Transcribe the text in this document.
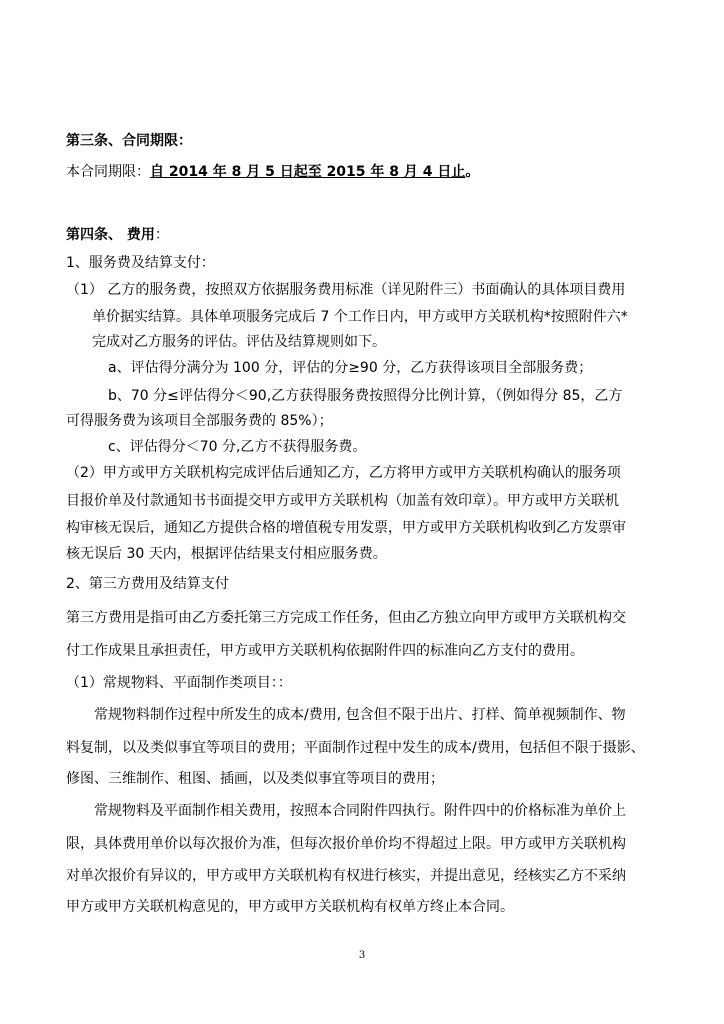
第三条、合同期限：
本合同期限：自 2014 年 8 月 5 日起至 2015 年 8 月 4 日止。
第四条、 费用：
1、服务费及结算支付：
（1） 乙方的服务费，按照双方依据服务费用标准（详见附件三）书面确认的具体项目费用
单价据实结算。具体单项服务完成后 7 个工作日内，甲方或甲方关联机构*按照附件六*
完成对乙方服务的评估。评估及结算规则如下。
a、评估得分满分为 100 分，评估的分≥90 分，乙方获得该项目全部服务费；
b、70 分≤评估得分＜90,乙方获得服务费按照得分比例计算，（例如得分 85，乙方
可得服务费为该项目全部服务费的 85%）；
c、评估得分＜70 分,乙方不获得服务费。
（2）甲方或甲方关联机构完成评估后通知乙方，乙方将甲方或甲方关联机构确认的服务项
目报价单及付款通知书书面提交甲方或甲方关联机构（加盖有效印章）。甲方或甲方关联机
构审核无误后，通知乙方提供合格的增值税专用发票，甲方或甲方关联机构收到乙方发票审
核无误后 30 天内，根据评估结果支付相应服务费。
2、第三方费用及结算支付
第三方费用是指可由乙方委托第三方完成工作任务，但由乙方独立向甲方或甲方关联机构交
付工作成果且承担责任，甲方或甲方关联机构依据附件四的标准向乙方支付的费用。
（1）常规物料、平面制作类项目：：
常规物料制作过程中所发生的成本/费用, 包含但不限于出片、打样、简单视频制作、物
料复制，以及类似事宜等项目的费用；平面制作过程中发生的成本/费用，包括但不限于摄影、
修图、三维制作、租图、插画，以及类似事宜等项目的费用；
常规物料及平面制作相关费用，按照本合同附件四执行。附件四中的价格标准为单价上
限，具体费用单价以每次报价为准，但每次报价单价均不得超过上限。甲方或甲方关联机构
对单次报价有异议的，甲方或甲方关联机构有权进行核实，并提出意见，经核实乙方不采纳
甲方或甲方关联机构意见的，甲方或甲方关联机构有权单方终止本合同。
3
